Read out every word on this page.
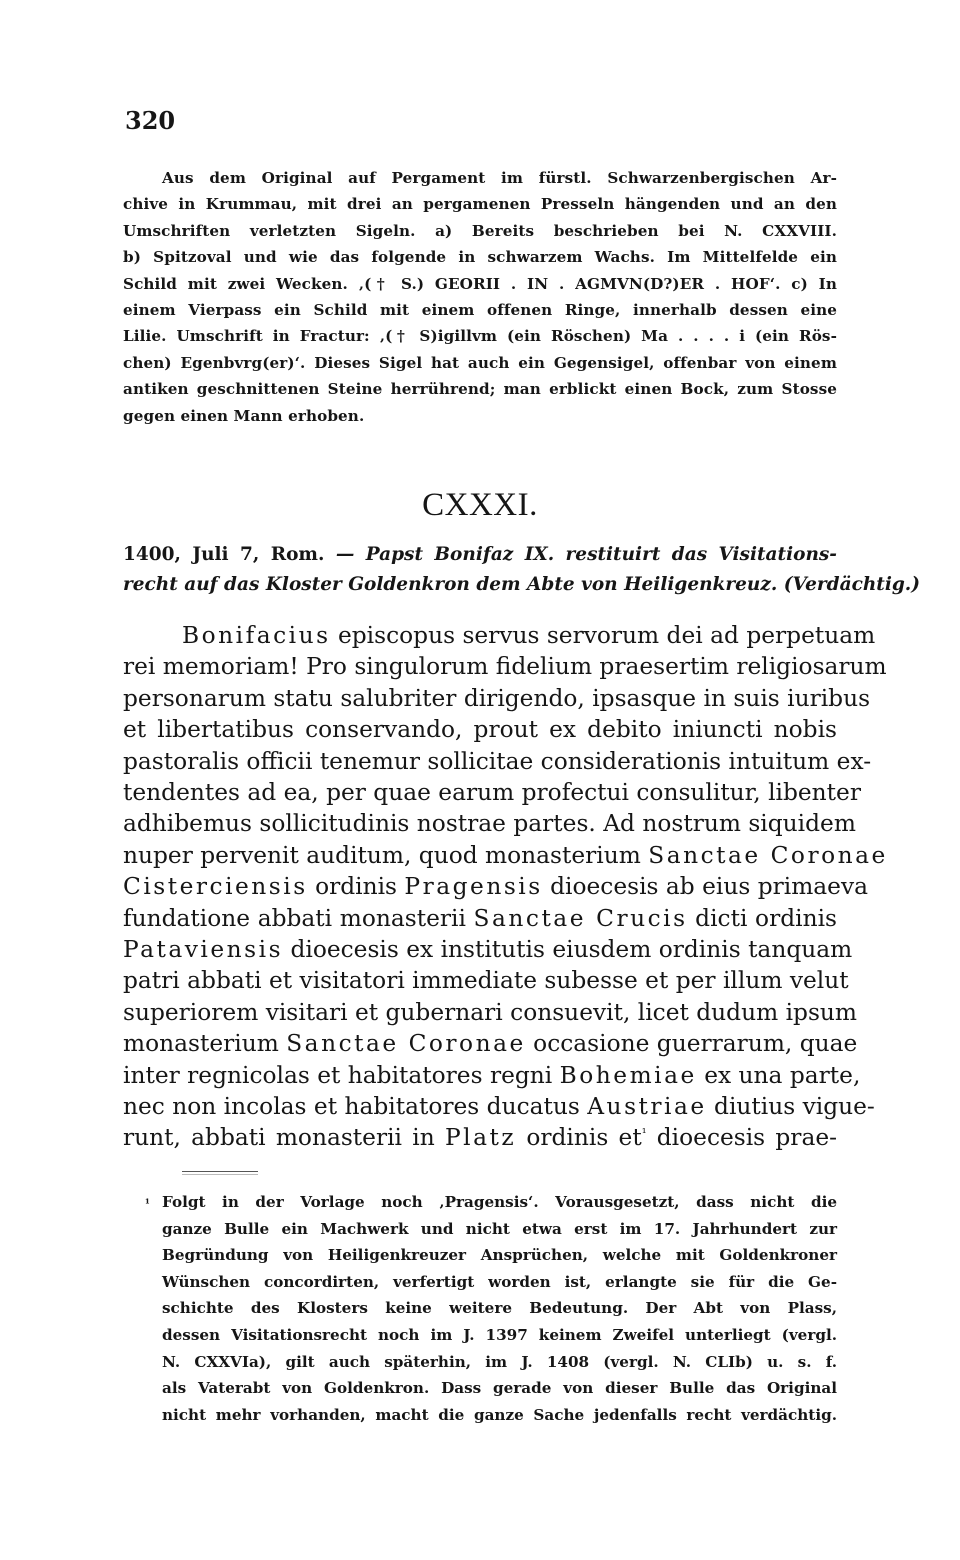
320
Aus dem Original auf Pergament im fürstl. Schwarzenbergischen Ar-
chive in Krummau, mit drei an pergamenen Presseln hängenden und an den
Umschriften verletzten Sigeln. a) Bereits beschrieben bei N. CXXVIII.
b) Spitzoval und wie das folgende in schwarzem Wachs. Im Mittelfelde ein
Schild mit zwei Wecken. ‚(† S.) GEORII . IN . AGMVN(D?)ER . HOF‘. c) In
einem Vierpass ein Schild mit einem offenen Ringe, innerhalb dessen eine
Lilie. Umschrift in Fractur: ‚(† S)igillvm (ein Röschen) Ma . . . . i (ein Rös-
chen) Egenbvrg(er)‘. Dieses Sigel hat auch ein Gegensigel, offenbar von einem
antiken geschnittenen Steine herrührend; man erblickt einen Bock, zum Stosse
gegen einen Mann erhoben.
CXXXI.
1400, Juli 7, Rom. — Papst Bonifaz IX. restituirt das Visitations-
recht auf das Kloster Goldenkron dem Abte von Heiligenkreuz. (Verdächtig.)
Bonifacius episcopus servus servorum dei ad perpetuam
rei memoriam! Pro singulorum fidelium praesertim religiosarum
personarum statu salubriter dirigendo, ipsasque in suis iuribus
et libertatibus conservando, prout ex debito iniuncti nobis
pastoralis officii tenemur sollicitae considerationis intuitum ex-
tendentes ad ea, per quae earum profectui consulitur, libenter
adhibemus sollicitudinis nostrae partes. Ad nostrum siquidem
nuper pervenit auditum, quod monasterium Sanctae Coronae
Cisterciensis ordinis Pragensis dioecesis ab eius primaeva
fundatione abbati monasterii Sanctae Crucis dicti ordinis
Pataviensis dioecesis ex institutis eiusdem ordinis tanquam
patri abbati et visitatori immediate subesse et per illum velut
superiorem visitari et gubernari consuevit, licet dudum ipsum
monasterium Sanctae Coronae occasione guerrarum, quae
inter regnicolas et habitatores regni Bohemiae ex una parte,
nec non incolas et habitatores ducatus Austriae diutius vigue-
runt, abbati monasterii in Platz ordinis $et^{^1}$ dioecesis prae-
¹ Folgt in der Vorlage noch ‚Pragensis‘. Vorausgesetzt, dass nicht die
ganze Bulle ein Machwerk und nicht etwa erst im 17. Jahrhundert zur
Begründung von Heiligenkreuzer Ansprüchen, welche mit Goldenkroner
Wünschen concordirten, verfertigt worden ist, erlangte sie für die Ge-
schichte des Klosters keine weitere Bedeutung. Der Abt von Plass,
dessen Visitationsrecht noch im J. 1397 keinem Zweifel unterliegt (vergl.
N. CXXVIa), gilt auch späterhin, im J. 1408 (vergl. N. CLIb) u. s. f.
als Vaterabt von Goldenkron. Dass gerade von dieser Bulle das Original
nicht mehr vorhanden, macht die ganze Sache jedenfalls recht verdächtig.
